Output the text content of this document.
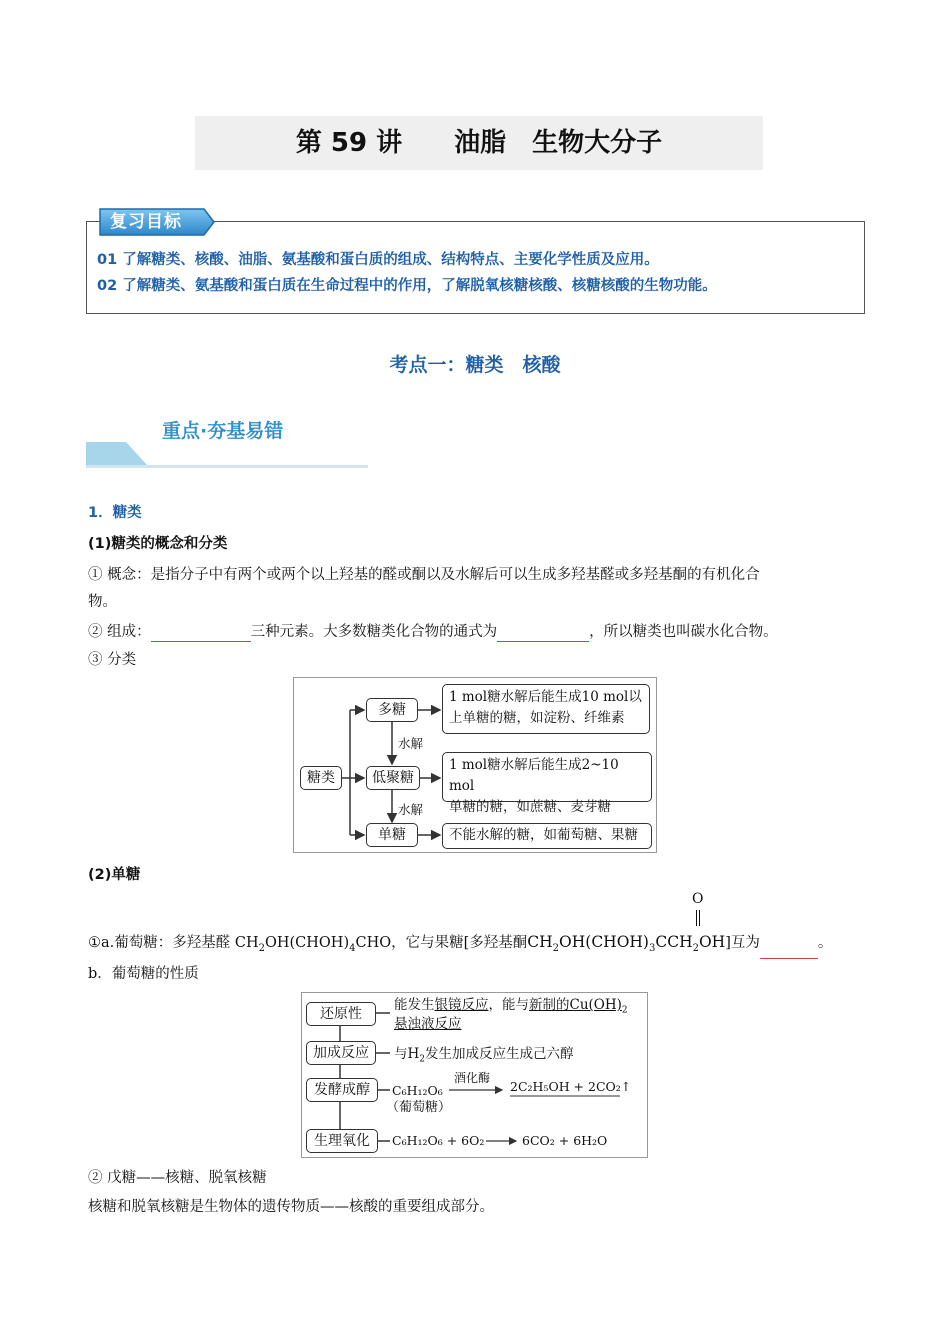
第 59 讲　　油脂　生物大分子
复习目标
01 了解糖类、核酸、油脂、氨基酸和蛋白质的组成、结构特点、主要化学性质及应用。
02 了解糖类、氨基酸和蛋白质在生命过程中的作用，了解脱氧核糖核酸、核糖核酸的生物功能。
考点一：糖类　核酸
重点·夯基易错
1．糖类
(1)糖类的概念和分类
① 概念：是指分子中有两个或两个以上羟基的醛或酮以及水解后可以生成多羟基醛或多羟基酮的有机化合
物。
② 组成：	三种元素。大多数糖类化合物的通式为	，所以糖类也叫碳水化合物。
③ 分类
糖类
多糖
低聚糖
单糖
水解
水解
1 mol糖水解后能生成10 mol以
上单糖的糖，如淀粉、纤维素
1 mol糖水解后能生成2~10 mol
单糖的糖，如蔗糖、麦芽糖
不能水解的糖，如葡萄糖、果糖
(2)单糖
O
①a.葡萄糖：多羟基醛 $CH_2OH(CHOH)_4CHO$，它与果糖[多羟基酮$CH_2OH(CHOH)_3CCH_2OH$]互为	。
b．葡萄糖的性质
还原性
加成反应
发酵成醇
生理氧化
能发生银镜反应，能与新制的$Cu(OH)_2$
悬浊液反应
与$H_2$发生加成反应生成己六醇
C₆H₁₂O₆
酒化酶
2C₂H₅OH + 2CO₂↑
（葡萄糖）
C₆H₁₂O₆ + 6O₂	6CO₂ + 6H₂O
② 戊糖——核糖、脱氧核糖
核糖和脱氧核糖是生物体的遗传物质——核酸的重要组成部分。
